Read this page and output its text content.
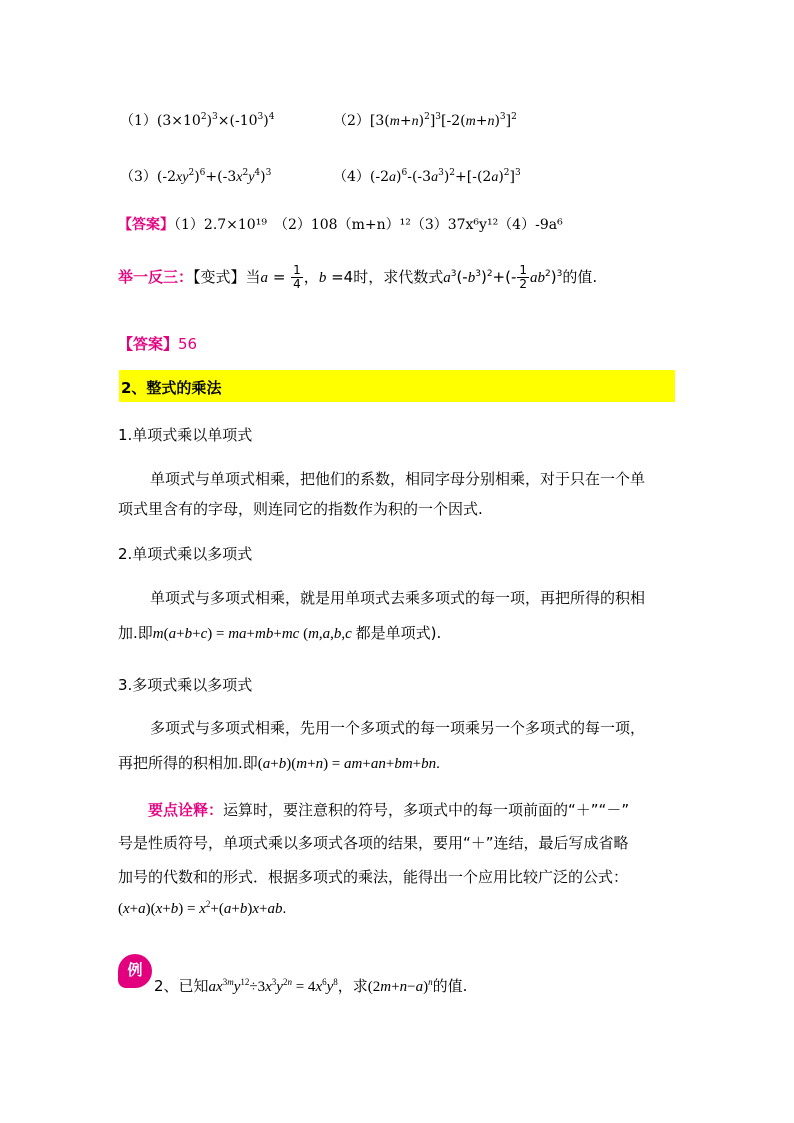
$(1)(3\times 10^2)^3\times(-10^3)^4$	$(2)[3(m+n)^2]^3[-2(m+n)^3]^2$
$(3)(-2xy^2)^6+(-3x^2y^4)^3$	$(4)(-2a)^6-(-3a^3)^2+[-(2a)^2]^3$
【答案】（1）2.7×10¹⁹　（2）108（m+n）¹²（3）37x⁶y¹²（4）-9a⁶
举一反三：【变式】当$a = \frac{1}{4}$ ，b =4时，求代数式$a^3(-b^3)^2+(- \frac{1}{2} ab^2)^3$的值.
【答案】56
2、整式的乘法
1.单项式乘以单项式
单项式与单项式相乘，把他们的系数，相同字母分别相乘，对于只在一个单
项式里含有的字母，则连同它的指数作为积的一个因式.
2.单项式乘以多项式
单项式与多项式相乘，就是用单项式去乘多项式的每一项，再把所得的积相
加.即m(a+b+c) = ma+mb+mc (m,a,b,c 都是单项式).
3.多项式乘以多项式
多项式与多项式相乘，先用一个多项式的每一项乘另一个多项式的每一项，
再把所得的积相加.即(a+b)(m+n) = am+an+bm+bn.
要点诠释：运算时，要注意积的符号，多项式中的每一项前面的“＋”“－”
号是性质符号，单项式乘以多项式各项的结果，要用“＋”连结，最后写成省略
加号的代数和的形式．根据多项式的乘法，能得出一个应用比较广泛的公式：
$(x+a)(x+b) = x^2+(a+b)x+ab$.
例
2、已知$ax^{3m}y^{12}\div 3x^3y^{2n} = 4x^6y^8$，求$(2m+n-a)^n$的值.
